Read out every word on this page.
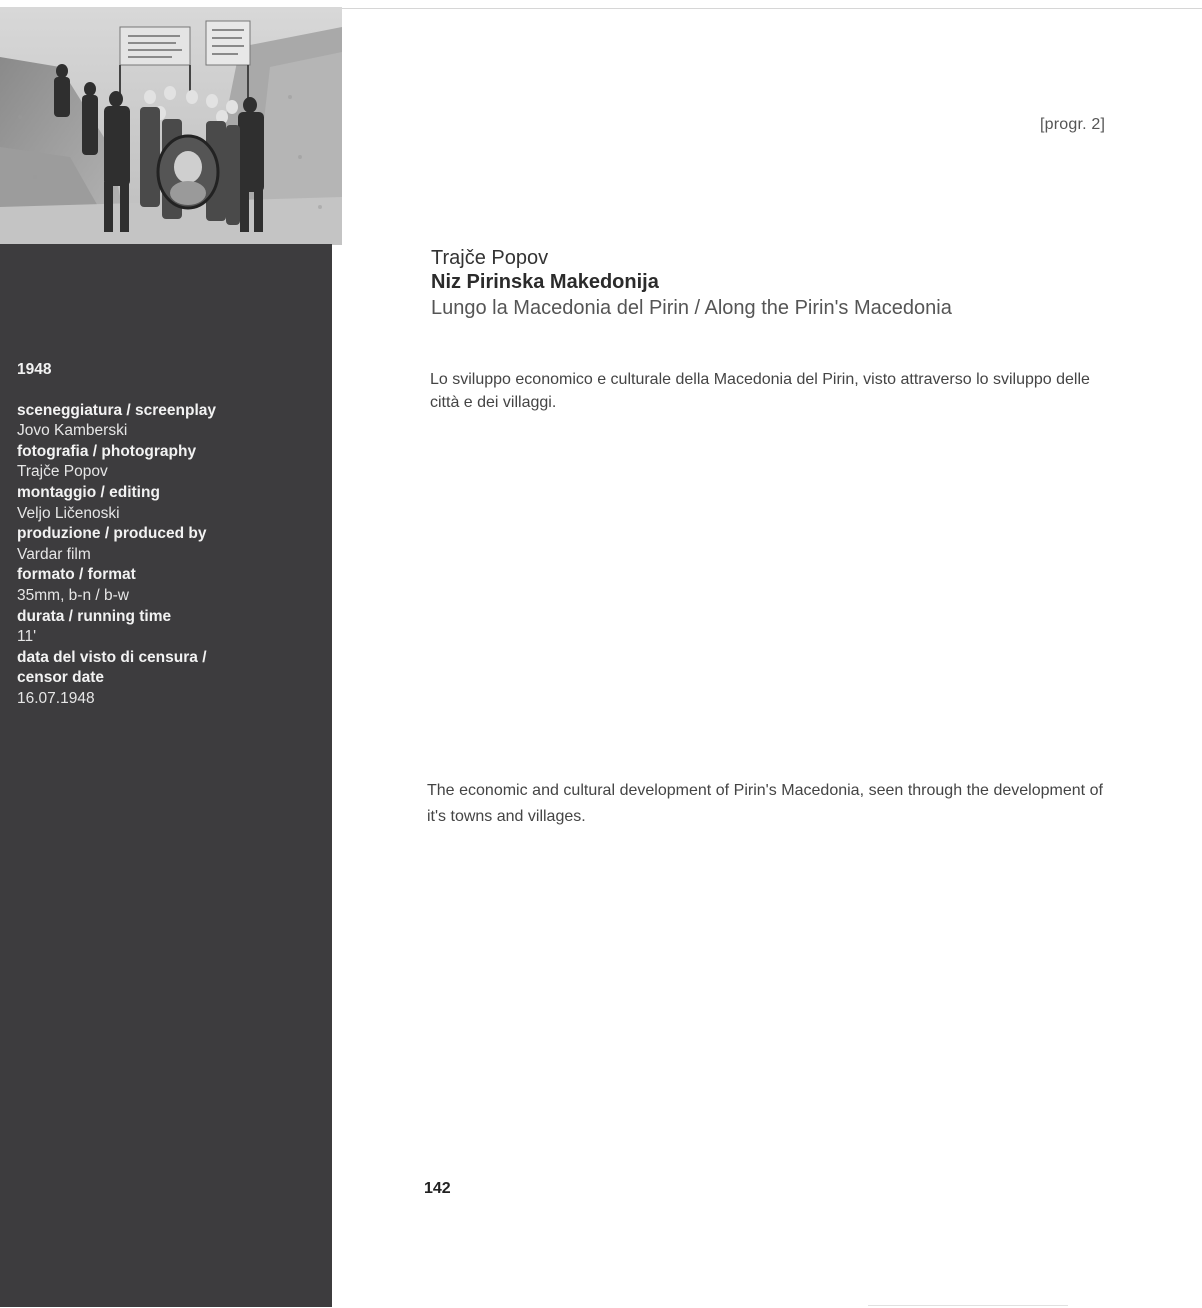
1948
sceneggiatura / screenplay
Jovo Kamberski
fotografia / photography
Trajče Popov
montaggio / editing
Veljo Ličenoski
produzione / produced by
Vardar film
formato / format
35mm, b-n / b-w
durata / running time
11'
data del visto di censura / censor date
16.07.1948
[progr. 2]
Trajče Popov
Niz Pirinska Makedonija
Lungo la Macedonia del Pirin / Along the Pirin's Macedonia
Lo sviluppo economico e culturale della Macedonia del Pirin, visto attraverso lo sviluppo delle città e dei villaggi.
The economic and cultural development of Pirin's Macedonia, seen through the development of it's towns and villages.
142
